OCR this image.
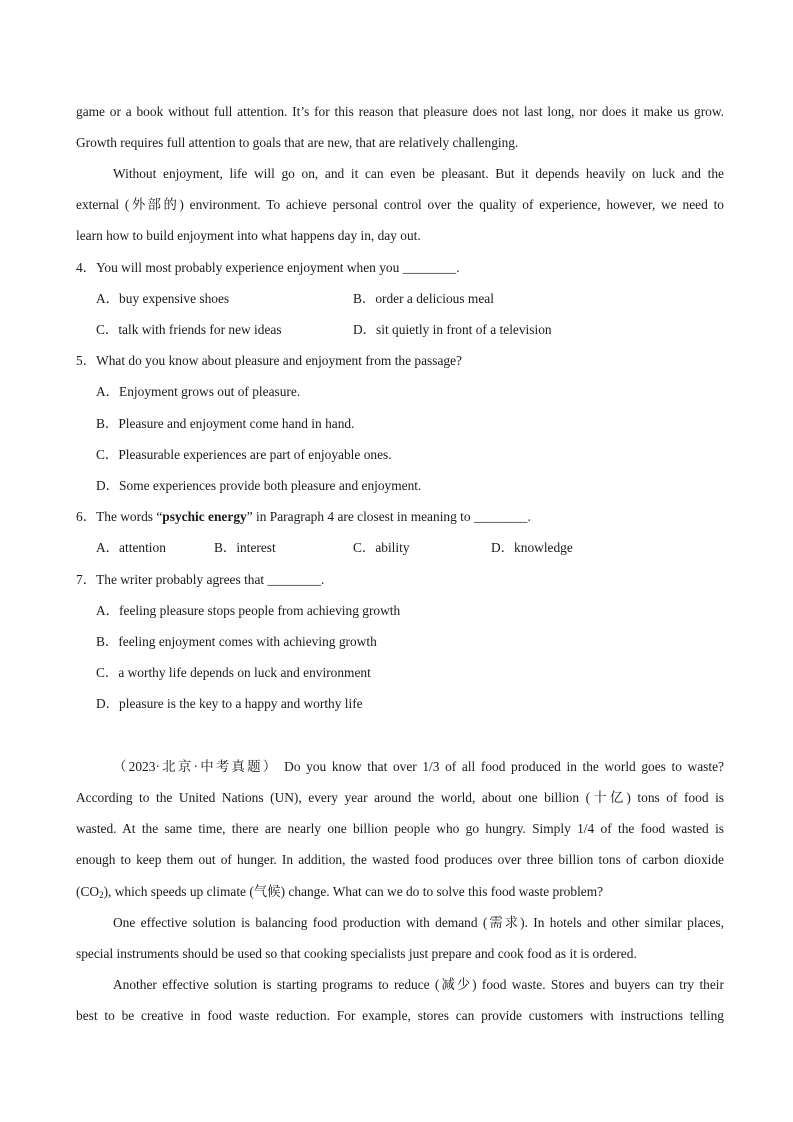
game or a book without full attention. It’s for this reason that pleasure does not last long, nor does it make us grow.
Growth requires full attention to goals that are new, that are relatively challenging.
Without enjoyment, life will go on, and it can even be pleasant. But it depends heavily on luck and the
external (外部的) environment. To achieve personal control over the quality of experience, however, we need to
learn how to build enjoyment into what happens day in, day out.
4．You will most probably experience enjoyment when you ________.
A．buy expensive shoes	B．order a delicious meal
C．talk with friends for new ideas	D．sit quietly in front of a television
5．What do you know about pleasure and enjoyment from the passage?
A．Enjoyment grows out of pleasure.
B．Pleasure and enjoyment come hand in hand.
C．Pleasurable experiences are part of enjoyable ones.
D．Some experiences provide both pleasure and enjoyment.
6．The words “psychic energy” in Paragraph 4 are closest in meaning to ________.
A．attention	B．interest	C．ability	D．knowledge
7．The writer probably agrees that ________.
A．feeling pleasure stops people from achieving growth
B．feeling enjoyment comes with achieving growth
C．a worthy life depends on luck and environment
D．pleasure is the key to a happy and worthy life
（2023·北京·中考真题） Do you know that over 1/3 of all food produced in the world goes to waste?
According to the United Nations (UN), every year around the world, about one billion (十亿) tons of food is
wasted. At the same time, there are nearly one billion people who go hungry. Simply 1/4 of the food wasted is
enough to keep them out of hunger. In addition, the wasted food produces over three billion tons of carbon dioxide
$(CO_2)$, which speeds up climate (气候) change. What can we do to solve this food waste problem?
One effective solution is balancing food production with demand (需求). In hotels and other similar places,
special instruments should be used so that cooking specialists just prepare and cook food as it is ordered.
Another effective solution is starting programs to reduce (减少) food waste. Stores and buyers can try their
best to be creative in food waste reduction. For example, stores can provide customers with instructions telling
